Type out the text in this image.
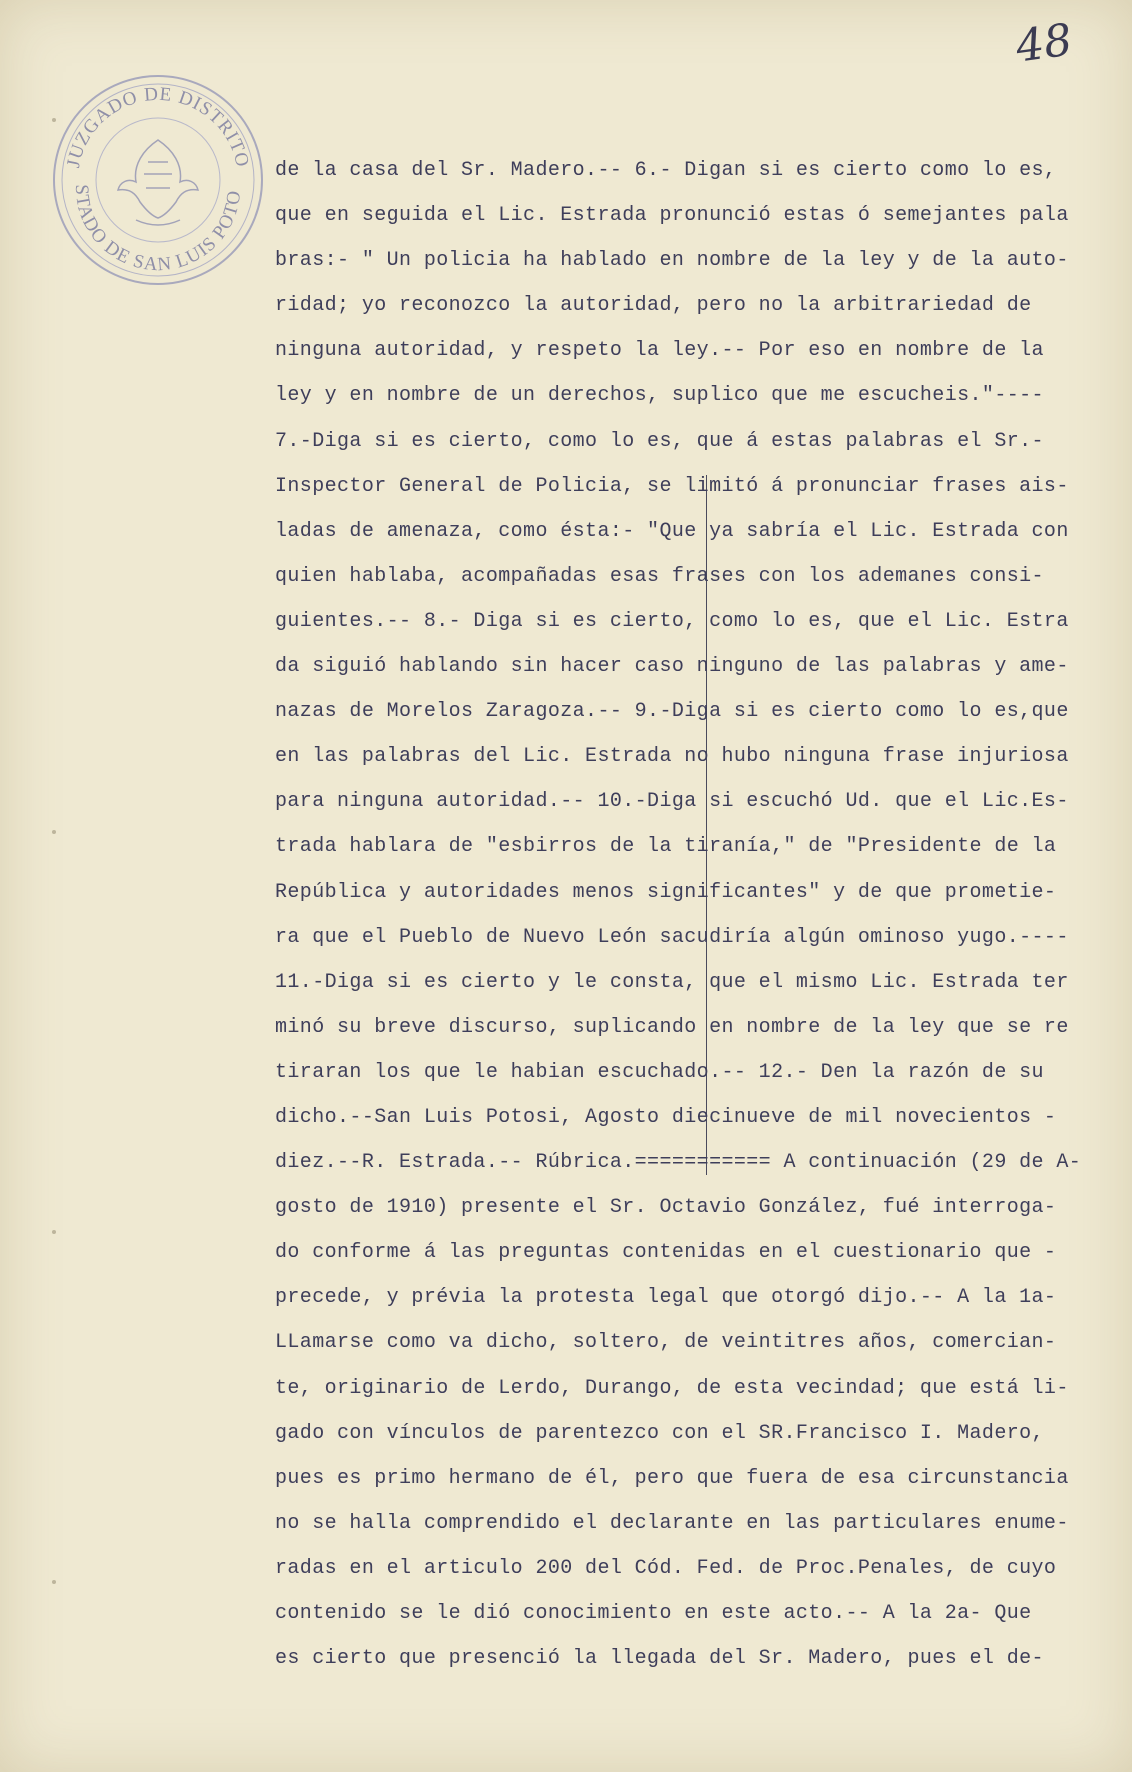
48
JUZGADO DE DISTRITO
STADO DE SAN LUIS POTO
de la casa del Sr. Madero.-- 6.- Digan si es cierto como lo es,
que en seguida el Lic. Estrada pronunció estas ó semejantes pala
bras:- " Un policia ha hablado en nombre de la ley y de la auto-
ridad; yo reconozco la autoridad, pero no la arbitrariedad de
ninguna autoridad, y respeto la ley.-- Por eso en nombre de la
ley y en nombre de un derechos, suplico que me escucheis."----
7.-Diga si es cierto, como lo es, que á estas palabras el Sr.-
Inspector General de Policia, se limitó á pronunciar frases ais-
ladas de amenaza, como ésta:- "Que ya sabría el Lic. Estrada con
quien hablaba, acompañadas esas frases con los ademanes consi-
guientes.-- 8.- Diga si es cierto, como lo es, que el Lic. Estra
da siguió hablando sin hacer caso ninguno de las palabras y ame-
nazas de Morelos Zaragoza.-- 9.-Diga si es cierto como lo es,que
en las palabras del Lic. Estrada no hubo ninguna frase injuriosa
para ninguna autoridad.-- 10.-Diga si escuchó Ud. que el Lic.Es-
trada hablara de "esbirros de la tiranía," de "Presidente de la
República y autoridades menos significantes" y de que prometie-
ra que el Pueblo de Nuevo León sacudiría algún ominoso yugo.----
11.-Diga si es cierto y le consta, que el mismo Lic. Estrada ter
minó su breve discurso, suplicando en nombre de la ley que se re
tiraran los que le habian escuchado.-- 12.- Den la razón de su
dicho.--San Luis Potosi, Agosto diecinueve de mil novecientos -
diez.--R. Estrada.-- Rúbrica.=========== A continuación (29 de A-
gosto de 1910) presente el Sr. Octavio González, fué interroga-
do conforme á las preguntas contenidas en el cuestionario que -
precede, y prévia la protesta legal que otorgó dijo.-- A la 1a-
LLamarse como va dicho, soltero, de veintitres años, comercian-
te, originario de Lerdo, Durango, de esta vecindad; que está li-
gado con vínculos de parentezco con el SR.Francisco I. Madero,
pues es primo hermano de él, pero que fuera de esa circunstancia
no se halla comprendido el declarante en las particulares enume-
radas en el articulo 200 del Cód. Fed. de Proc.Penales, de cuyo
contenido se le dió conocimiento en este acto.-- A la 2a- Que
es cierto que presenció la llegada del Sr. Madero, pues el de-
